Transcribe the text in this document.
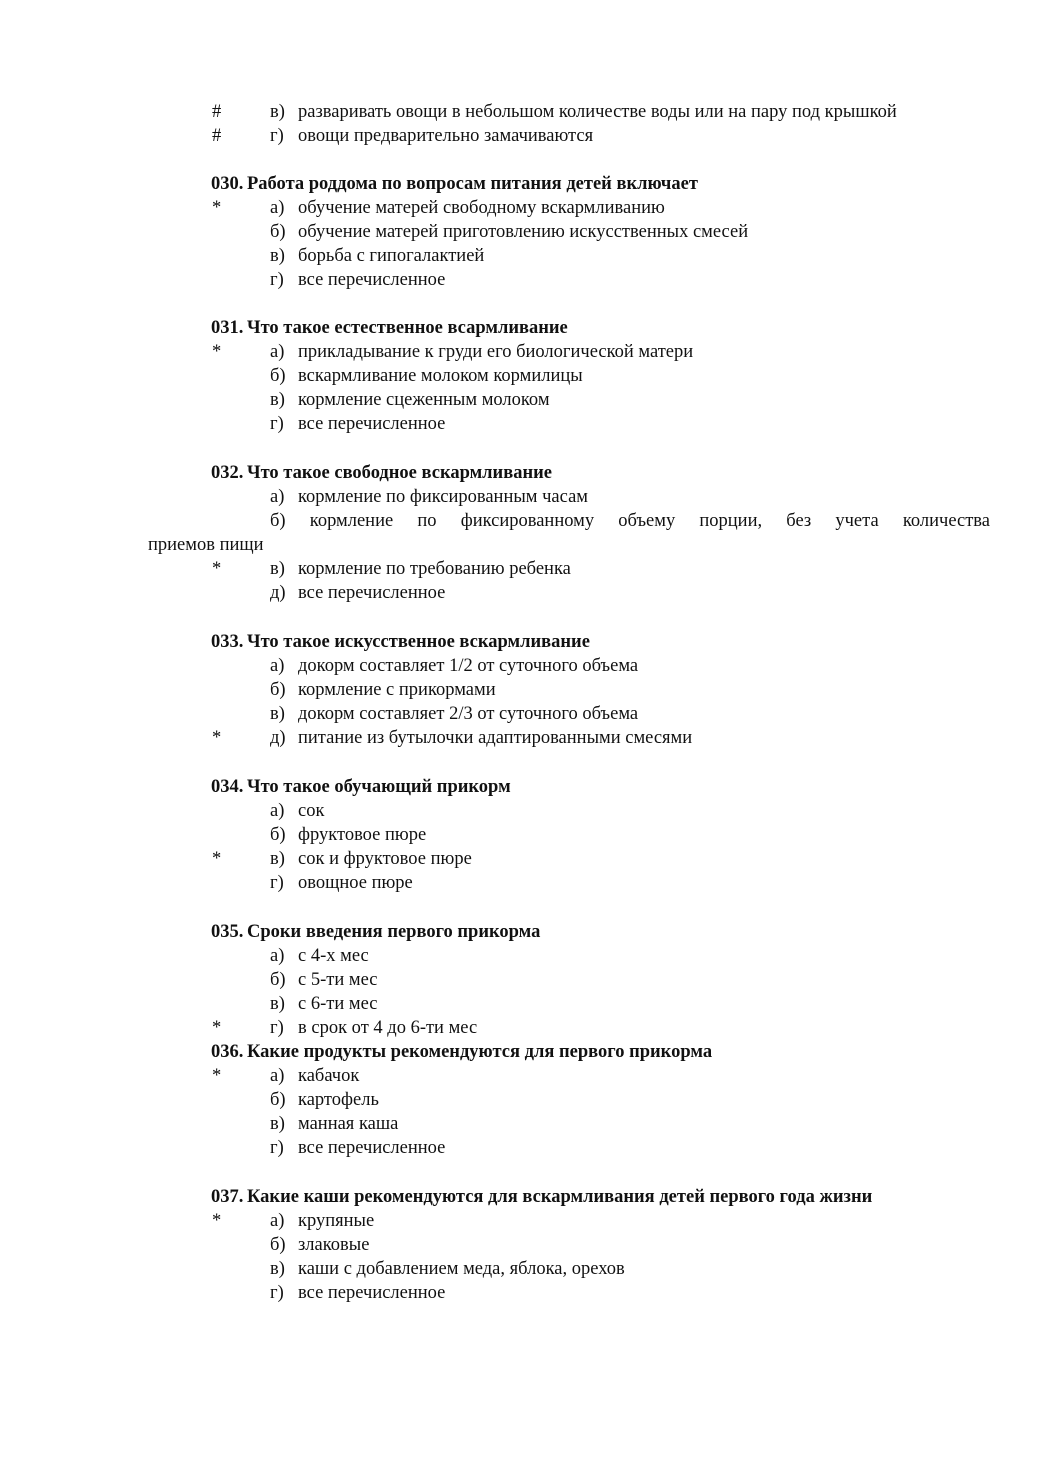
#	в) разваривать овощи в небольшом количестве воды или на пару под крышкой
#	г) овощи предварительно замачиваются
030. Работа роддома по вопросам питания детей включает
*	а) обучение матерей свободному вскармливанию
б) обучение матерей приготовлению искусственных смесей
в) борьба с гипогалактией
г) все перечисленное
031. Что такое естественное всармливание
*	а) прикладывание к груди его биологической матери
б) вскармливание молоком кормилицы
в) кормление сцеженным молоком
г) все перечисленное
032. Что такое свободное вскармливание
а) кормление по фиксированным часам
б) кормление по фиксированному объему порции, без учета количества
приемов пищи
*	в) кормление по требованию ребенка
д) все перечисленное
033. Что такое искусственное вскармливание
а) докорм составляет 1/2 от суточного объема
б) кормление с прикормами
в) докорм составляет 2/3 от суточного объема
*	д) питание из бутылочки адаптированными смесями
034. Что такое обучающий прикорм
а) сок
б) фруктовое пюре
*	в) сок и фруктовое пюре
г) овощное пюре
035. Сроки введения первого прикорма
а) с 4-х мес
б) с 5-ти мес
в) с 6-ти мес
*	г) в срок от 4 до 6-ти мес
036. Какие продукты рекомендуются для первого прикорма
*	а) кабачок
б) картофель
в) манная каша
г) все перечисленное
037. Какие каши рекомендуются для вскармливания детей первого года жизни
*	а) крупяные
б) злаковые
в) каши с добавлением меда, яблока, орехов
г) все перечисленное
